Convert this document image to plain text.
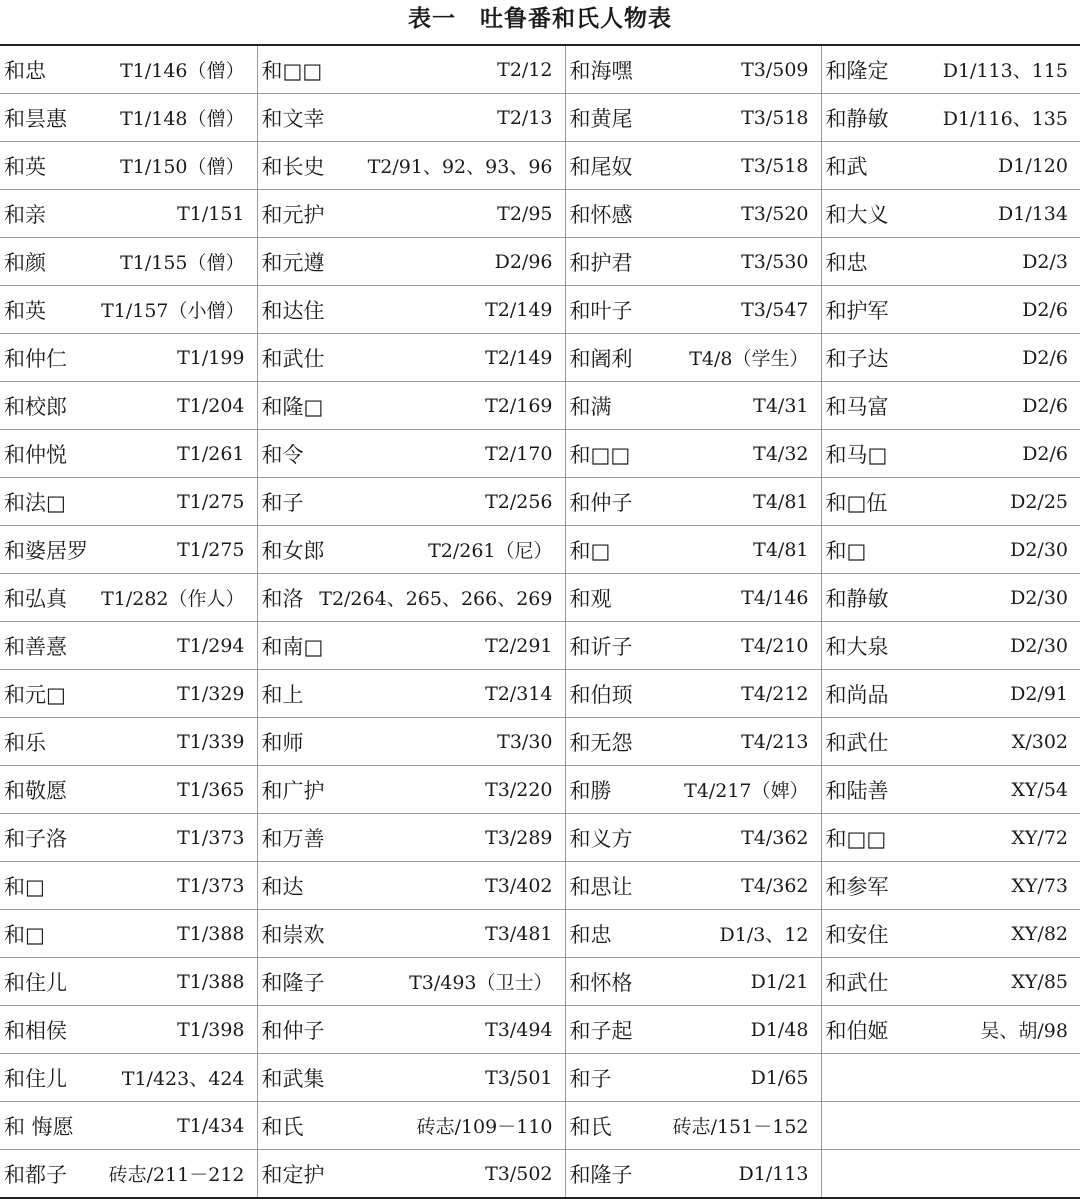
表一　吐鲁番和氏人物表
和忠 T1/146（僧）	和□□ T2/12	和海嘿 T3/509	和隆定 D1/113、115

和昙惠 T1/148（僧）	和文幸 T2/13	和黄尾 T3/518	和静敏 D1/116、135

和英 T1/150（僧）	和长史 T2/91、92、93、96	和尾奴 T3/518	和武 D1/120

和亲 T1/151	和元护 T2/95	和怀感 T3/520	和大义 D1/134

和颜 T1/155（僧）	和元遵 D2/96	和护君 T3/530	和忠 D2/3

和英 T1/157（小僧）	和达住 T2/149	和叶子 T3/547	和护军 D2/6

和仲仁 T1/199	和武仕 T2/149	和阇利 T4/8（学生）	和子达 D2/6

和校郎 T1/204	和隆□ T2/169	和满 T4/31	和马富 D2/6

和仲悦 T1/261	和令 T2/170	和□□ T4/32	和马□ D2/6

和法□ T1/275	和子 T2/256	和仲子 T4/81	和□伍 D2/25

和婆居罗 T1/275	和女郎 T2/261（尼）	和□ T4/81	和□ D2/30

和弘真 T1/282（作人）	和洛 T2/264、265、266、269	和观 T4/146	和静敏 D2/30

和善憙 T1/294	和南□ T2/291	和䜣子 T4/210	和大泉 D2/30

和元□ T1/329	和上 T2/314	和伯顼 T4/212	和尚品 D2/91

和乐 T1/339	和师 T3/30	和无怨 T4/213	和武仕 X/302

和敬愿 T1/365	和广护 T3/220	和勝 T4/217（婢）	和陆善 XY/54

和子洛 T1/373	和万善 T3/289	和义方 T4/362	和□□ XY/72

和□ T1/373	和达 T3/402	和思让 T4/362	和参军 XY/73

和□ T1/388	和崇欢 T3/481	和忠 D1/3、12	和安住 XY/82

和住儿 T1/388	和隆子 T3/493（卫士）	和怀格 D1/21	和武仕 XY/85

和相侯 T1/398	和仲子 T3/494	和子起 D1/48	和伯姬 吴、胡/98

和住儿 T1/423、424	和武集 T3/501	和子 D1/65	

和 悔愿 T1/434	和氏 砖志/109－110	和氏 砖志/151－152	

和都子 砖志/211－212	和定护 T3/502	和隆子 D1/113	
